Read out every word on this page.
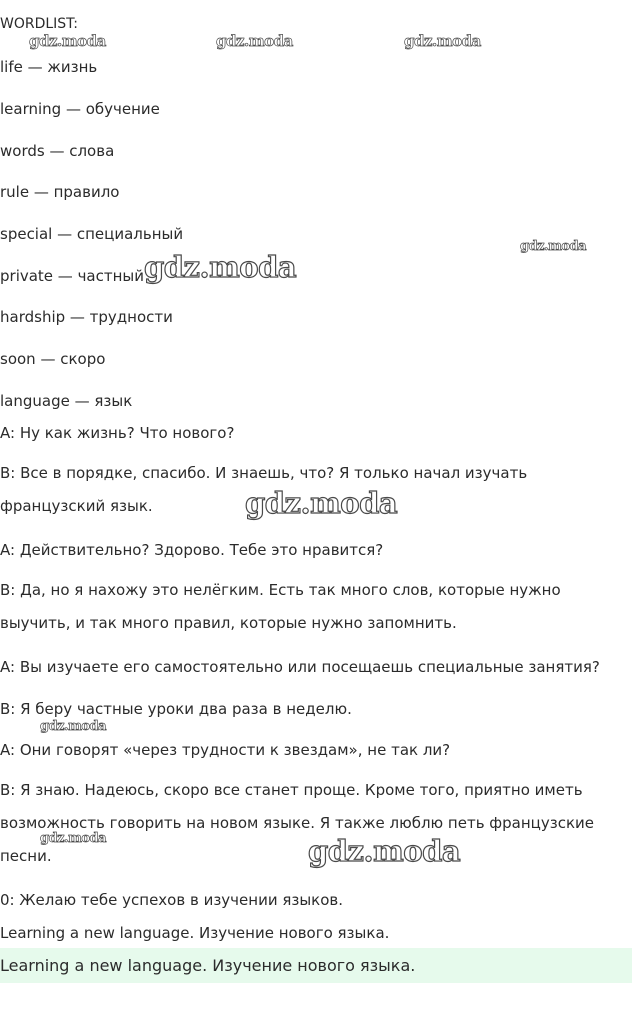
WORDLIST:
life — жизнь
learning — обучение
words — слова
rule — правило
special — специальный
private — частный
hardship — трудности
soon — скоро
language — язык
A: Ну как жизнь? Что нового?
B: Все в порядке, спасибо. И знаешь, что? Я только начал изучать французский язык.
A: Действительно? Здорово. Тебе это нравится?
B: Да, но я нахожу это нелёгким. Есть так много слов, которые нужно выучить, и так много правил, которые нужно запомнить.
A: Вы изучаете его самостоятельно или посещаешь специальные занятия?
B: Я беру частные уроки два раза в неделю.
A: Они говорят «через трудности к звездам», не так ли?
B: Я знаю. Надеюсь, скоро все станет проще. Кроме того, приятно иметь возможность говорить на новом языке. Я также люблю петь французские песни.
0: Желаю тебе успехов в изучении языков.
Learning a new language. Изучение нового языка.
Learning a new language. Изучение нового языка.
gdz.moda	gdz.moda	gdz.moda
gdz.moda
gdz.moda
gdz.moda
gdz.moda
gdz.moda	gdz.moda
